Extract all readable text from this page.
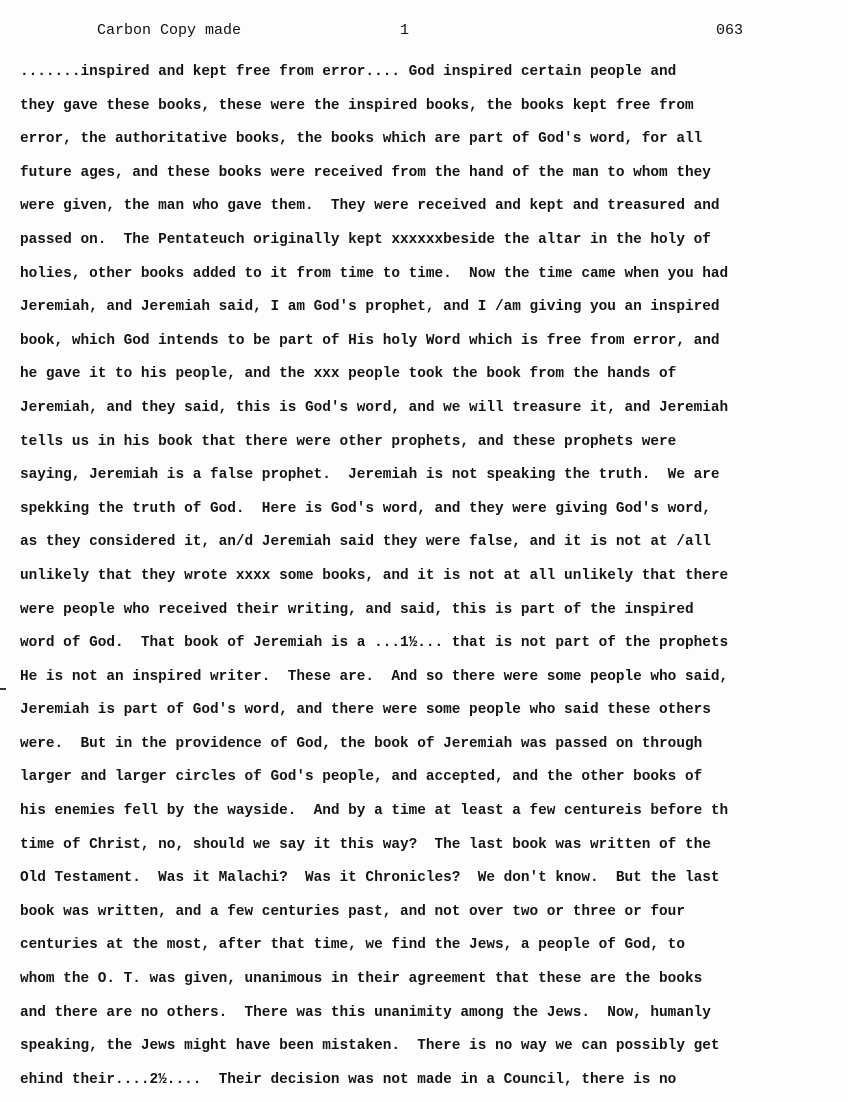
Carbon Copy made	1	063
.......inspired and kept free from error.... God inspired certain people and
they gave these books, these were the inspired books, the books kept free from
error, the authoritative books, the books which are part of God's word, for all
future ages, and these books were received from the hand of the man to whom they
were given, the man who gave them.  They were received and kept and treasured and
passed on.  The Pentateuch originally kept xxxxxxbeside the altar in the holy of
holies, other books added to it from time to time.  Now the time came when you had
Jeremiah, and Jeremiah said, I am God's prophet, and I /am giving you an inspired
book, which God intends to be part of His holy Word which is free from error, and
he gave it to his people, and the xxx people took the book from the hands of
Jeremiah, and they said, this is God's word, and we will treasure it, and Jeremiah
tells us in his book that there were other prophets, and these prophets were
saying, Jeremiah is a false prophet.  Jeremiah is not speaking the truth.  We are
spekking the truth of God.  Here is God's word, and they were giving God's word,
as they considered it, an/d Jeremiah said they were false, and it is not at /all
unlikely that they wrote xxxx some books, and it is not at all unlikely that there
were people who received their writing, and said, this is part of the inspired
word of God.  That book of Jeremiah is a ...1½... that is not part of the prophets
He is not an inspired writer.  These are.  And so there were some people who said,
Jeremiah is part of God's word, and there were some people who said these others
were.  But in the providence of God, the book of Jeremiah was passed on through
larger and larger circles of God's people, and accepted, and the other books of
his enemies fell by the wayside.  And by a time at least a few centureis before th
time of Christ, no, should we say it this way?  The last book was written of the
Old Testament.  Was it Malachi?  Was it Chronicles?  We don't know.  But the last
book was written, and a few centuries past, and not over two or three or four
centuries at the most, after that time, we find the Jews, a people of God, to
whom the O. T. was given, unanimous in their agreement that these are the books
and there are no others.  There was this unanimity among the Jews.  Now, humanly
speaking, the Jews might have been mistaken.  There is no way we can possibly get
ehind their....2½....  Their decision was not made in a Council, there is no
